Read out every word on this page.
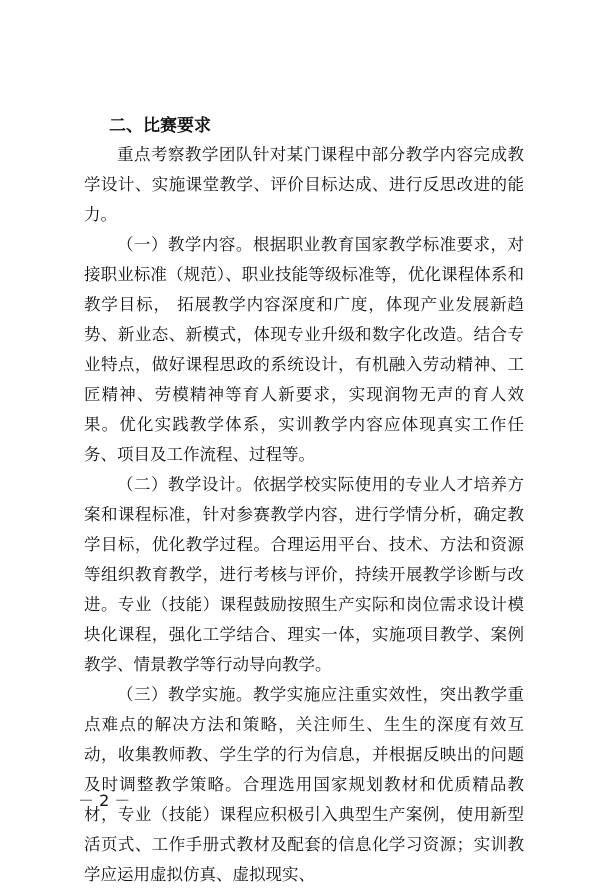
二、比赛要求

重点考察教学团队针对某门课程中部分教学内容完成教学设计、实施课堂教学、评价目标达成、进行反思改进的能力。

（一）教学内容。根据职业教育国家教学标准要求，对接职业标准（规范）、职业技能等级标准等，优化课程体系和教学目标， 拓展教学内容深度和广度，体现产业发展新趋势、新业态、新模式，体现专业升级和数字化改造。结合专业特点，做好课程思政的系统设计，有机融入劳动精神、工匠精神、劳模精神等育人新要求，实现润物无声的育人效果。优化实践教学体系，实训教学内容应体现真实工作任务、项目及工作流程、过程等。

（二）教学设计。依据学校实际使用的专业人才培养方案和课程标准，针对参赛教学内容，进行学情分析，确定教学目标，优化教学过程。合理运用平台、技术、方法和资源等组织教育教学，进行考核与评价，持续开展教学诊断与改进。专业（技能）课程鼓励按照生产实际和岗位需求设计模块化课程，强化工学结合、理实一体，实施项目教学、案例教学、情景教学等行动导向教学。

（三）教学实施。教学实施应注重实效性，突出教学重点难点的解决方法和策略，关注师生、生生的深度有效互动，收集教师教、学生学的行为信息，并根据反映出的问题及时调整教学策略。合理选用国家规划教材和优质精品教材，专业（技能）课程应积极引入典型生产案例，使用新型活页式、工作手册式教材及配套的信息化学习资源；实训教学应运用虚拟仿真、虚拟现实、

－ 2 －
